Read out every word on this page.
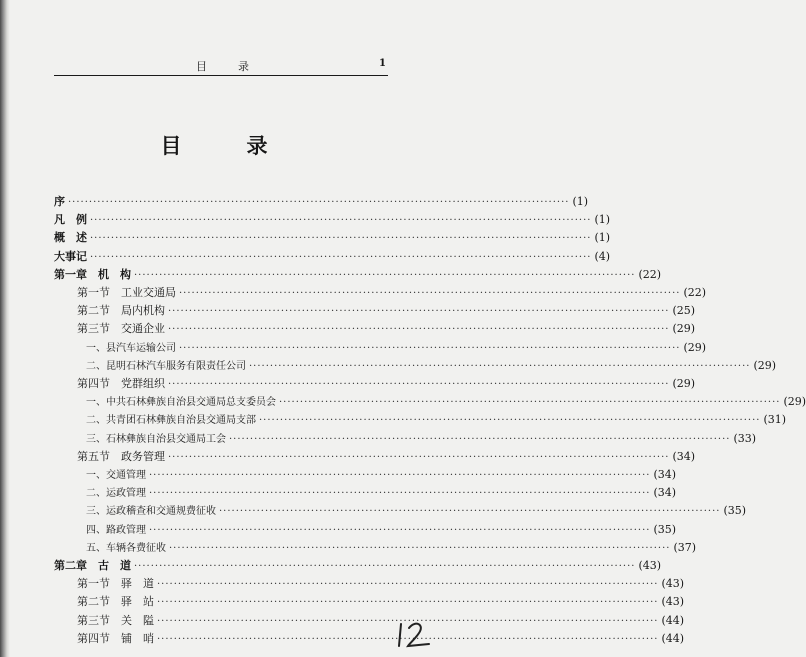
目　录	1
目　录
序 ························································································································ (1)
凡　例 ························································································································ (1)
概　述 ························································································································ (1)
大事记 ························································································································ (4)
第一章　机　构 ························································································································ (22)
第一节　工业交通局 ························································································································ (22)
第二节　局内机构 ························································································································ (25)
第三节　交通企业 ························································································································ (29)
一、县汽车运输公司 ························································································································ (29)
二、昆明石林汽车服务有限责任公司 ························································································································ (29)
第四节　党群组织 ························································································································ (29)
一、中共石林彝族自治县交通局总支委员会 ························································································································ (29)
二、共青团石林彝族自治县交通局支部 ························································································································ (31)
三、石林彝族自治县交通局工会 ························································································································ (33)
第五节　政务管理 ························································································································ (34)
一、交通管理 ························································································································ (34)
二、运政管理 ························································································································ (34)
三、运政稽查和交通规费征收 ························································································································ (35)
四、路政管理 ························································································································ (35)
五、车辆各费征收 ························································································································ (37)
第二章　古　道 ························································································································ (43)
第一节　驿　道 ························································································································ (43)
第二节　驿　站 ························································································································ (43)
第三节　关　隘 ························································································································ (44)
第四节　铺　哨 ························································································································ (44)
